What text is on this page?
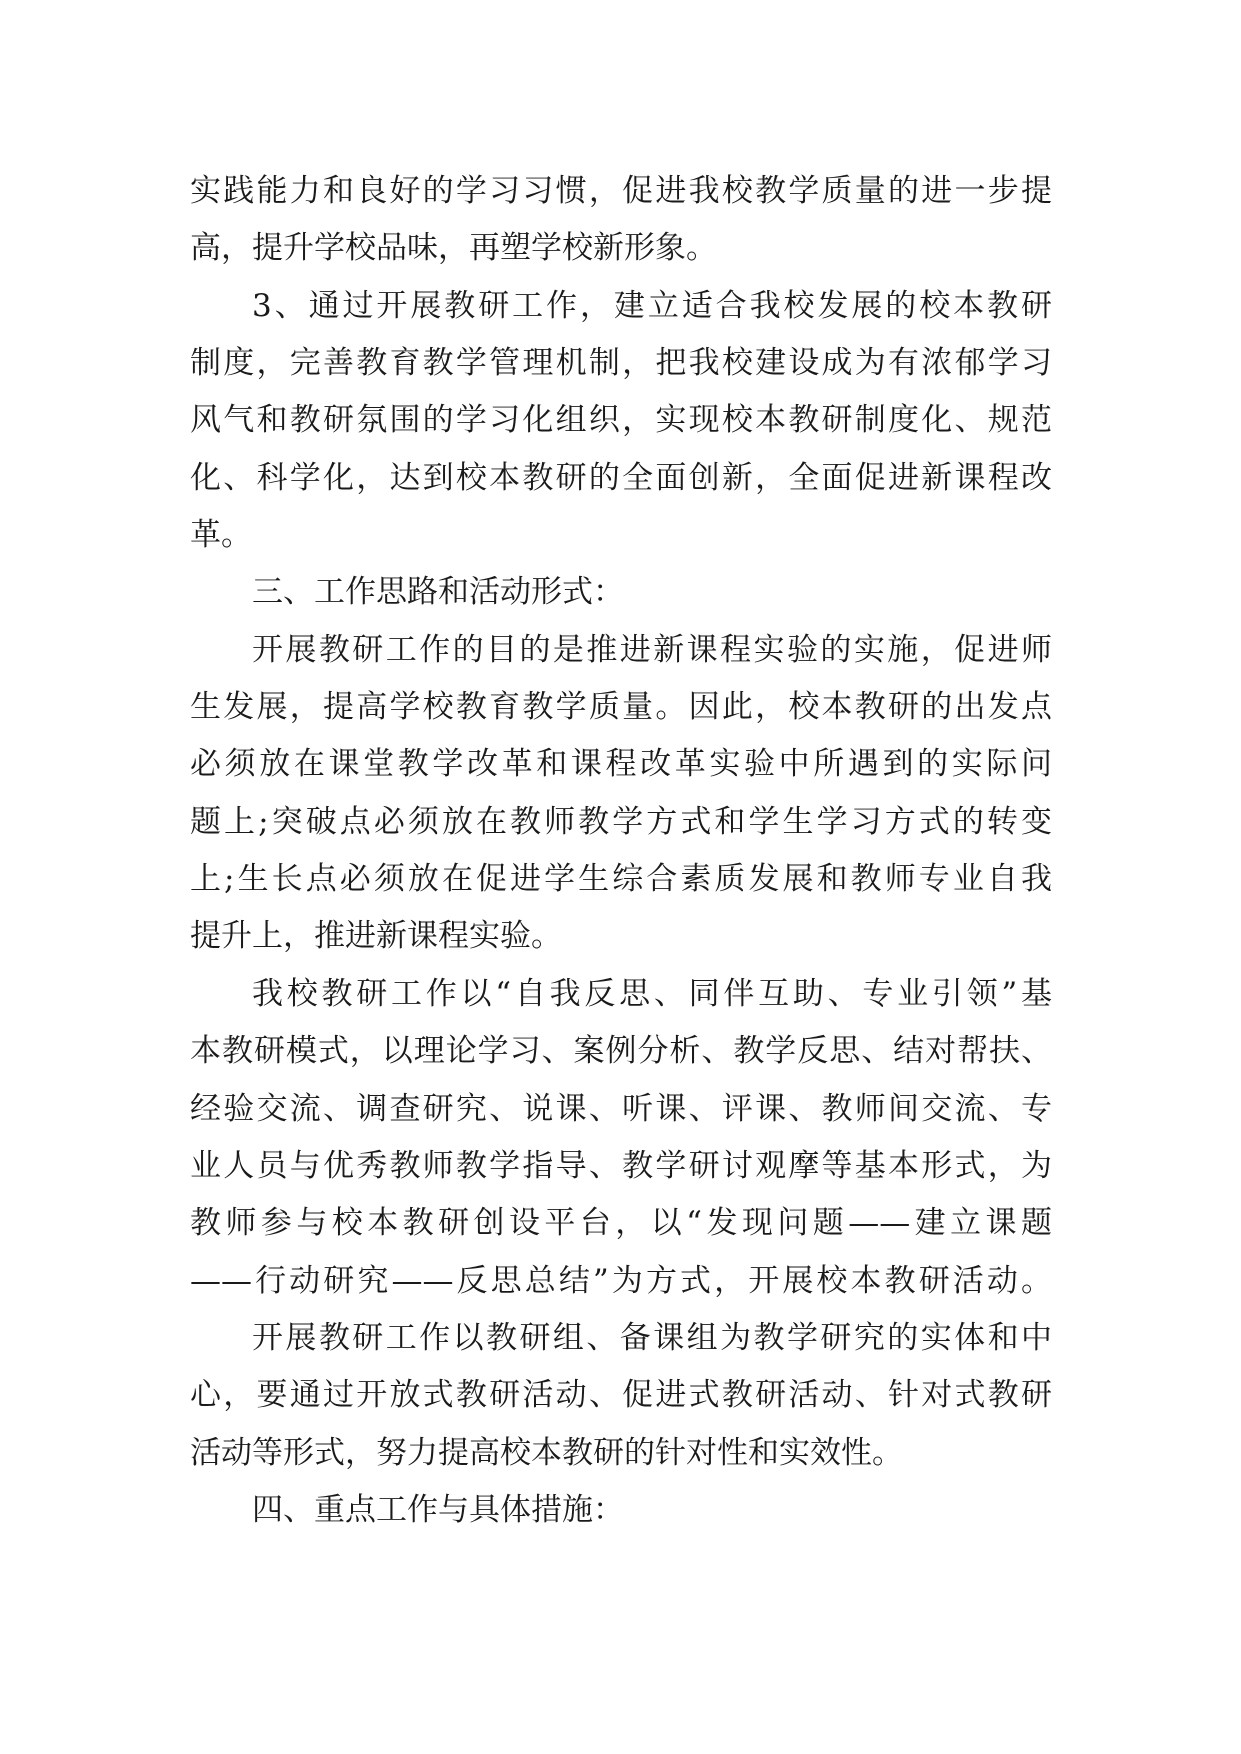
实践能力和良好的学习习惯，促进我校教学质量的进一步提
高，提升学校品味，再塑学校新形象。
3、通过开展教研工作，建立适合我校发展的校本教研
制度，完善教育教学管理机制，把我校建设成为有浓郁学习
风气和教研氛围的学习化组织，实现校本教研制度化、规范
化、科学化，达到校本教研的全面创新，全面促进新课程改
革。
三、工作思路和活动形式：
开展教研工作的目的是推进新课程实验的实施，促进师
生发展，提高学校教育教学质量。因此，校本教研的出发点
必须放在课堂教学改革和课程改革实验中所遇到的实际问
题上;突破点必须放在教师教学方式和学生学习方式的转变
上;生长点必须放在促进学生综合素质发展和教师专业自我
提升上，推进新课程实验。
我校教研工作以“自我反思、同伴互助、专业引领”基
本教研模式，以理论学习、案例分析、教学反思、结对帮扶、
经验交流、调查研究、说课、听课、评课、教师间交流、专
业人员与优秀教师教学指导、教学研讨观摩等基本形式，为
教师参与校本教研创设平台，以“发现问题——建立课题
——行动研究——反思总结”为方式，开展校本教研活动。
开展教研工作以教研组、备课组为教学研究的实体和中
心，要通过开放式教研活动、促进式教研活动、针对式教研
活动等形式，努力提高校本教研的针对性和实效性。
四、重点工作与具体措施：
